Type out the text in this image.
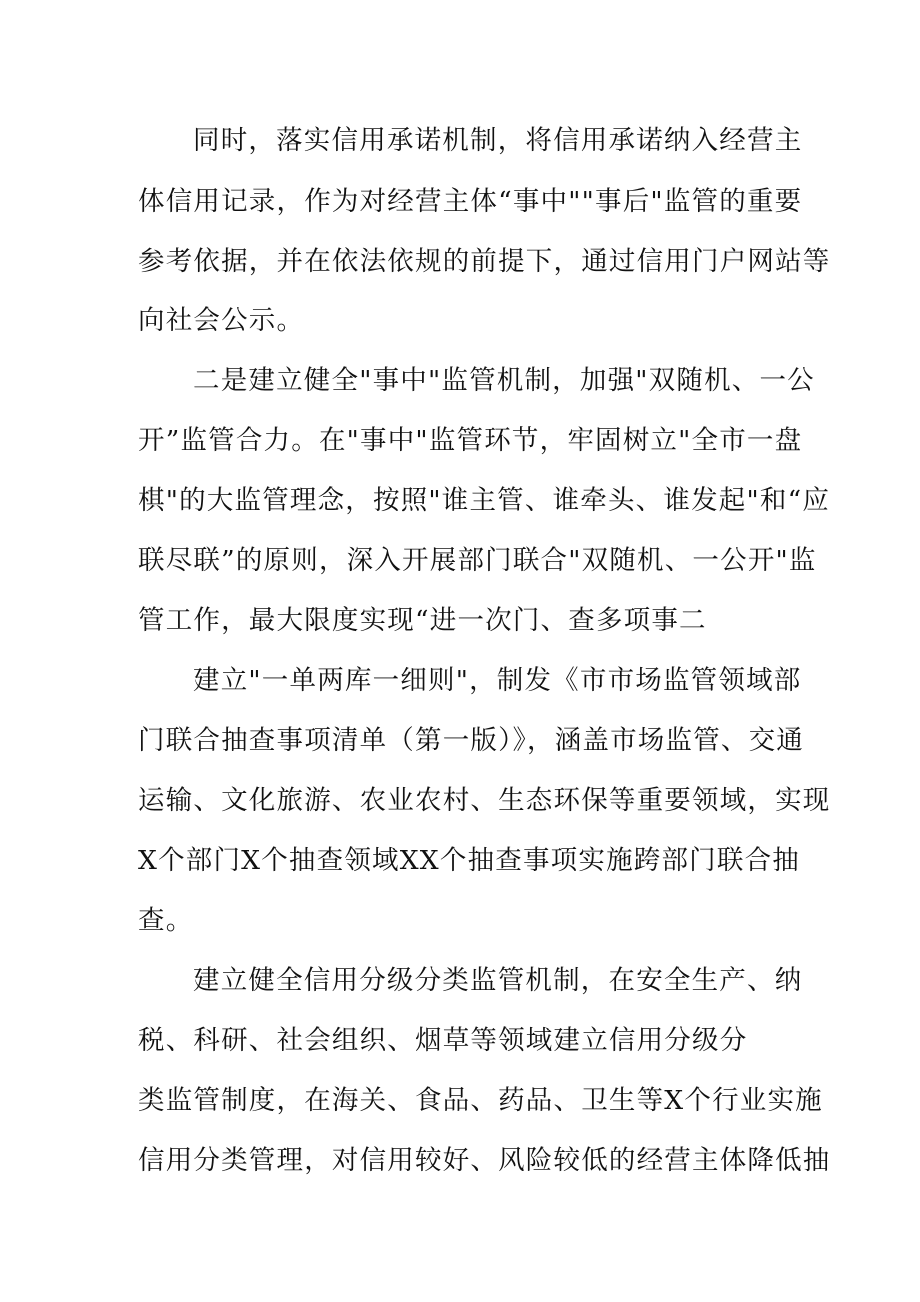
同时，落实信用承诺机制，将信用承诺纳入经营主
体信用记录，作为对经营主体“事中""事后"监管的重要
参考依据，并在依法依规的前提下，通过信用门户网站等
向社会公示。
二是建立健全"事中"监管机制，加强"双随机、一公
开”监管合力。在"事中"监管环节，牢固树立"全市一盘
棋"的大监管理念，按照"谁主管、谁牵头、谁发起"和“应
联尽联”的原则，深入开展部门联合"双随机、一公开"监
管工作，最大限度实现“进一次门、查多项事二
建立"一单两库一细则"，制发《市市场监管领域部
门联合抽查事项清单（第一版）》，涵盖市场监管、交通
运输、文化旅游、农业农村、生态环保等重要领域，实现
X个部门X个抽查领域XX个抽查事项实施跨部门联合抽
查。
建立健全信用分级分类监管机制，在安全生产、纳
税、科研、社会组织、烟草等领域建立信用分级分
类监管制度，在海关、食品、药品、卫生等X个行业实施
信用分类管理，对信用较好、风险较低的经营主体降低抽
